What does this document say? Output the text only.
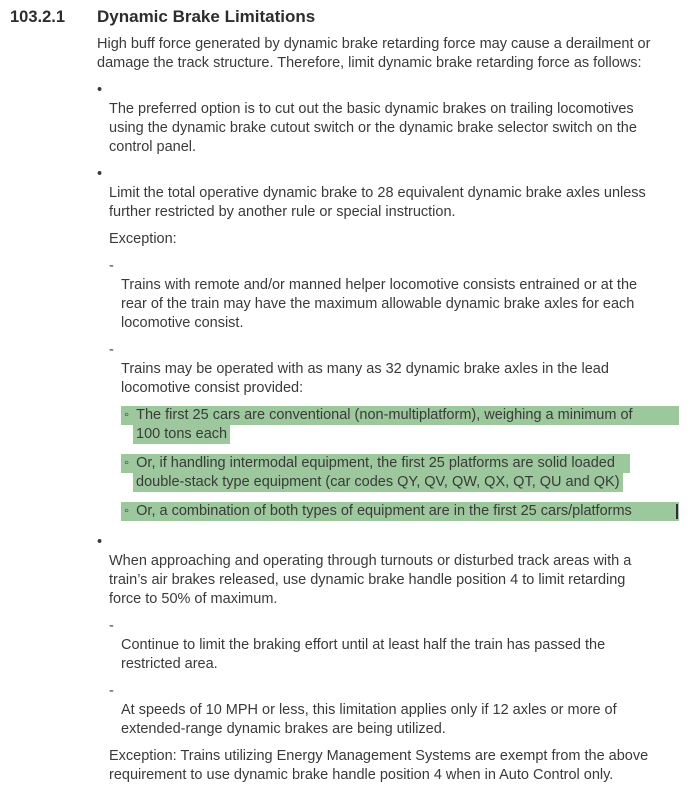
103.2.1 Dynamic Brake Limitations

High buff force generated by dynamic brake retarding force may cause a derailment or
damage the track structure. Therefore, limit dynamic brake retarding force as follows:

•
The preferred option is to cut out the basic dynamic brakes on trailing locomotives
using the dynamic brake cutout switch or the dynamic brake selector switch on the
control panel.

•
Limit the total operative dynamic brake to 28 equivalent dynamic brake axles unless
further restricted by another rule or special instruction.

Exception:

-
Trains with remote and/or manned helper locomotive consists entrained or at the
rear of the train may have the maximum allowable dynamic brake axles for each
locomotive consist.

-
Trains may be operated with as many as 32 dynamic brake axles in the lead
locomotive consist provided:

◦ The first 25 cars are conventional (non-multiplatform), weighing a minimum of
100 tons each
◦ Or, if handling intermodal equipment, the first 25 platforms are solid loaded
double-stack type equipment (car codes QY, QV, QW, QX, QT, QU and QK)
◦ Or, a combination of both types of equipment are in the first 25 cars/platforms

•
When approaching and operating through turnouts or disturbed track areas with a
train’s air brakes released, use dynamic brake handle position 4 to limit retarding
force to 50% of maximum.

-
Continue to limit the braking effort until at least half the train has passed the
restricted area.

-
At speeds of 10 MPH or less, this limitation applies only if 12 axles or more of
extended-range dynamic brakes are being utilized.

Exception: Trains utilizing Energy Management Systems are exempt from the above
requirement to use dynamic brake handle position 4 when in Auto Control only.
